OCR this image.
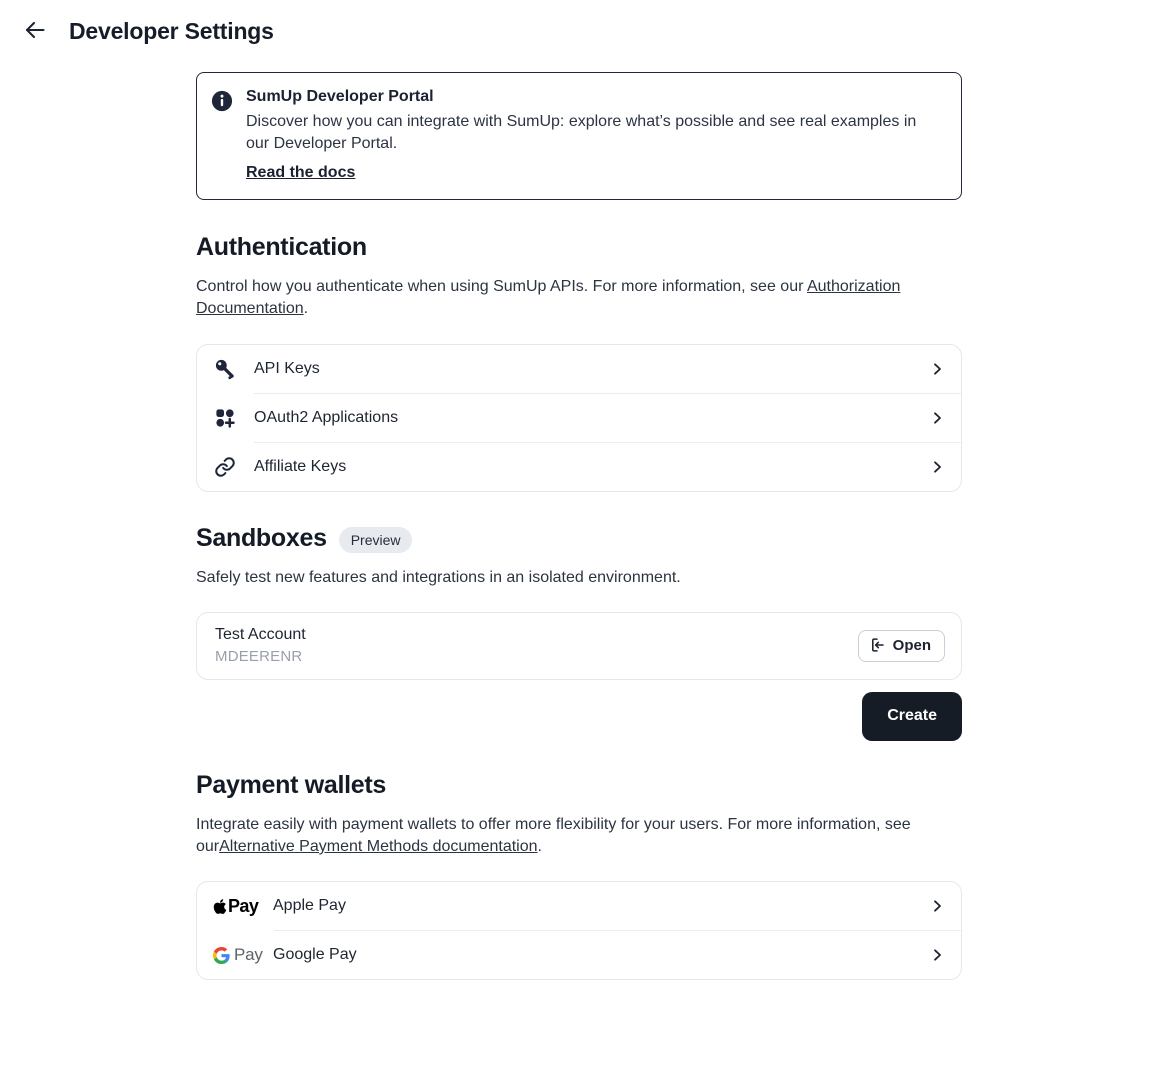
Developer Settings
SumUp Developer Portal
Discover how you can integrate with SumUp: explore what’s possible and see real examples in our Developer Portal.
Read the docs
Authentication

Control how you authenticate when using SumUp APIs. For more information, see our Authorization Documentation.

API Keys
OAuth2 Applications
Affiliate Keys
Sandboxes	Preview

Safely test new features and integrations in an isolated environment.

Test Account
MDEERENR
Open
Create
Payment wallets

Integrate easily with payment wallets to offer more flexibility for your users. For more information, see ourAlternative Payment Methods documentation.

Pay Apple Pay
Pay Google Pay
